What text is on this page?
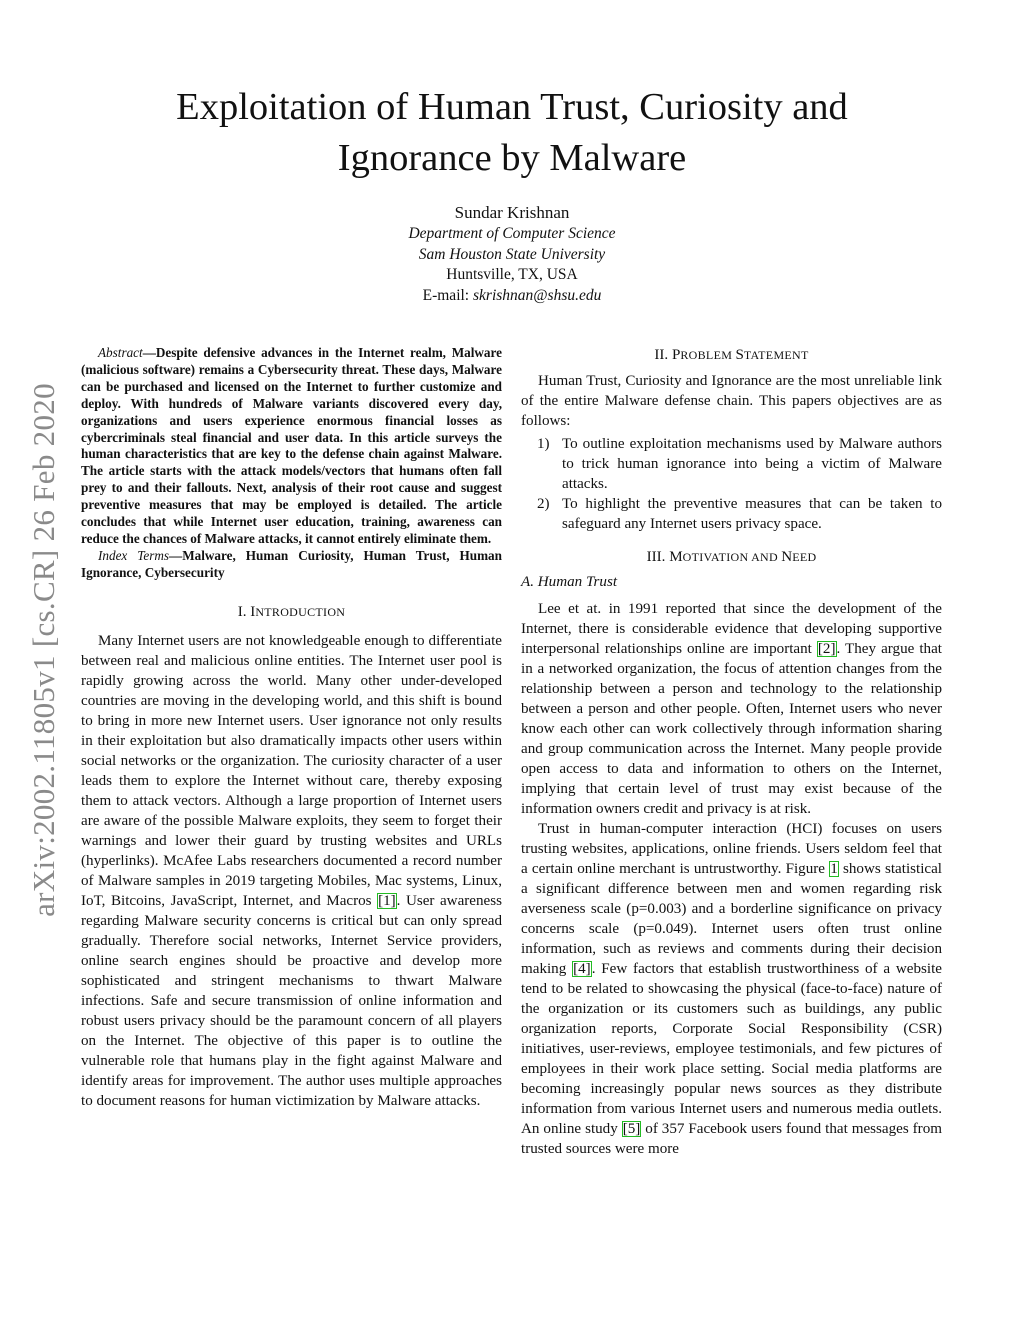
arXiv:2002.11805v1 [cs.CR] 26 Feb 2020
Exploitation of Human Trust, Curiosity and
Ignorance by Malware
Sundar Krishnan
Department of Computer Science
Sam Houston State University
Huntsville, TX, USA
E-mail: skrishnan@shsu.edu

Abstract—Despite defensive advances in the Internet realm, Malware (malicious software) remains a Cybersecurity threat. These days, Malware can be purchased and licensed on the Internet to further customize and deploy. With hundreds of Malware variants discovered every day, organizations and users experience enormous financial losses as cybercriminals steal financial and user data. In this article surveys the human characteristics that are key to the defense chain against Malware. The article starts with the attack models/vectors that humans often fall prey to and their fallouts. Next, analysis of their root cause and suggest preventive measures that may be employed is detailed. The article concludes that while Internet user education, training, awareness can reduce the chances of Malware attacks, it cannot entirely eliminate them.

Index Terms—Malware, Human Curiosity, Human Trust, Human Ignorance, Cybersecurity

I. INTRODUCTION

Many Internet users are not knowledgeable enough to differentiate between real and malicious online entities. The Internet user pool is rapidly growing across the world. Many other under-developed countries are moving in the developing world, and this shift is bound to bring in more new Internet users. User ignorance not only results in their exploitation but also dramatically impacts other users within social networks or the organization. The curiosity character of a user leads them to explore the Internet without care, thereby exposing them to attack vectors. Although a large proportion of Internet users are aware of the possible Malware exploits, they seem to forget their warnings and lower their guard by trusting websites and URLs (hyperlinks). McAfee Labs researchers documented a record number of Malware samples in 2019 targeting Mobiles, Mac systems, Linux, IoT, Bitcoins, JavaScript, Internet, and Macros [1]. User awareness regarding Malware security concerns is critical but can only spread gradually. Therefore social networks, Internet Service providers, online search engines should be proactive and develop more sophisticated and stringent mechanisms to thwart Malware infections. Safe and secure transmission of online information and robust users privacy should be the paramount concern of all players on the Internet. The objective of this paper is to outline the vulnerable role that humans play in the fight against Malware and identify areas for improvement. The author uses multiple approaches to document reasons for human victimization by Malware attacks.

II. PROBLEM STATEMENT

Human Trust, Curiosity and Ignorance are the most unreliable link of the entire Malware defense chain. This papers objectives are as follows:

1) To outline exploitation mechanisms used by Malware authors to trick human ignorance into being a victim of Malware attacks.
2) To highlight the preventive measures that can be taken to safeguard any Internet users privacy space.
III. MOTIVATION AND NEED
A. Human Trust

Lee et at. in 1991 reported that since the development of the Internet, there is considerable evidence that developing supportive interpersonal relationships online are important [2]. They argue that in a networked organization, the focus of attention changes from the relationship between a person and technology to the relationship between a person and other people. Often, Internet users who never know each other can work collectively through information sharing and group communication across the Internet. Many people provide open access to data and information to others on the Internet, implying that certain level of trust may exist because of the information owners credit and privacy is at risk.

Trust in human-computer interaction (HCI) focuses on users trusting websites, applications, online friends. Users seldom feel that a certain online merchant is untrustworthy. Figure 1 shows statistical a significant difference between men and women regarding risk averseness scale (p=0.003) and a borderline significance on privacy concerns scale (p=0.049). Internet users often trust online information, such as reviews and comments during their decision making [4]. Few factors that establish trustworthiness of a website tend to be related to showcasing the physical (face-to-face) nature of the organization or its customers such as buildings, any public organization reports, Corporate Social Responsibility (CSR) initiatives, user-reviews, employee testimonials, and few pictures of employees in their work place setting. Social media platforms are becoming increasingly popular news sources as they distribute information from various Internet users and numerous media outlets. An online study [5] of 357 Facebook users found that messages from trusted sources were more
